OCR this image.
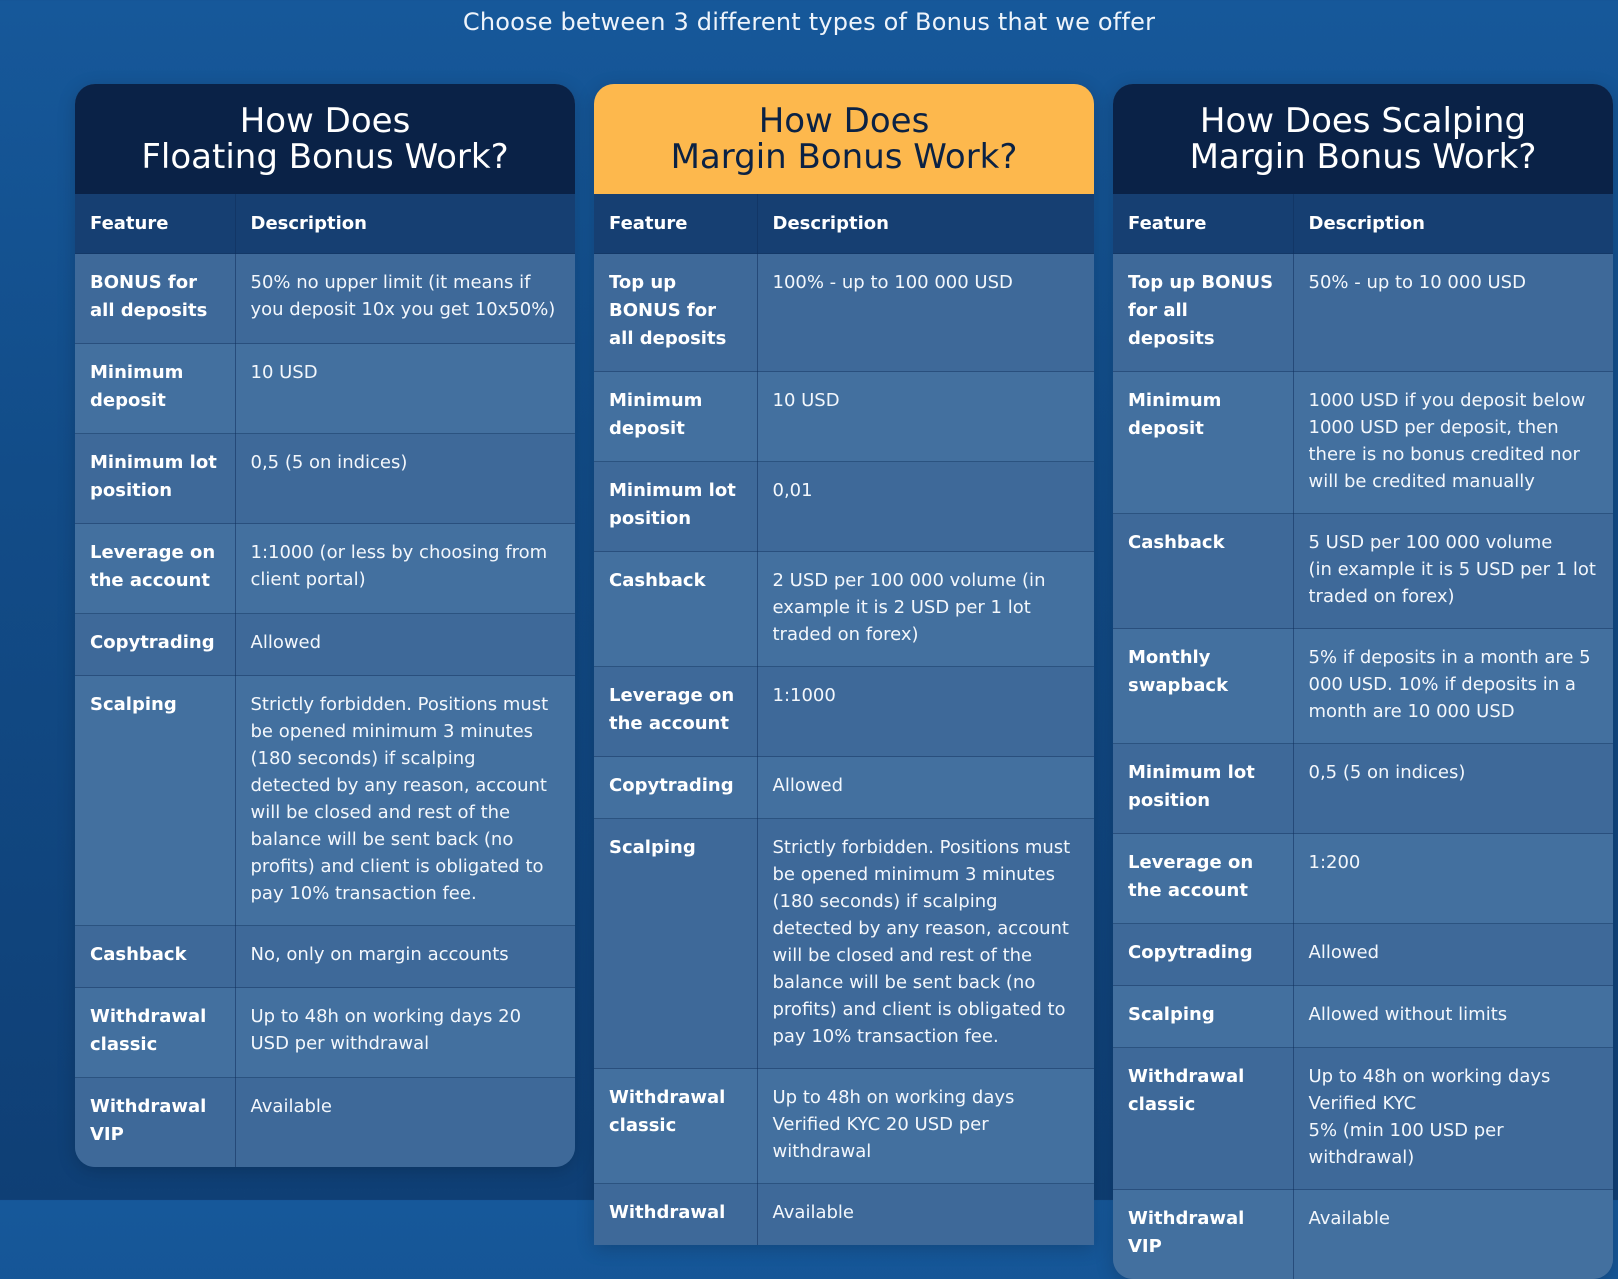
Choose between 3 different types of Bonus that we offer
How Does
Floating Bonus Work?
Feature	Description
BONUS for all deposits	50% no upper limit (it means if you deposit 10x you get 10x50%)
Minimum deposit	10 USD
Minimum lot position	0,5 (5 on indices)
Leverage on the account	1:1000 (or less by choosing from client portal)
Copytrading	Allowed
Scalping	Strictly forbidden. Positions must be opened minimum 3 minutes (180 seconds) if scalping detected by any reason, account will be closed and rest of the balance will be sent back (no profits) and client is obligated to pay 10% transaction fee.
Cashback	No, only on margin accounts
Withdrawal classic	Up to 48h on working days 20 USD per withdrawal
Withdrawal VIP	Available
How Does
Margin Bonus Work?
Feature	Description
Top up BONUS for all deposits	100% - up to 100 000 USD
Minimum deposit	10 USD
Minimum lot position	0,01
Cashback	2 USD per 100 000 volume (in example it is 2 USD per 1 lot traded on forex)
Leverage on the account	1:1000
Copytrading	Allowed
Scalping	Strictly forbidden. Positions must be opened minimum 3 minutes (180 seconds) if scalping detected by any reason, account will be closed and rest of the balance will be sent back (no profits) and client is obligated to pay 10% transaction fee.
Withdrawal classic	Up to 48h on working days Verified KYC 20 USD per withdrawal
Withdrawal	Available
How Does Scalping
Margin Bonus Work?
Feature	Description
Top up BONUS for all deposits	50% - up to 10 000 USD
Minimum deposit	1000 USD if you deposit below 1000 USD per deposit, then there is no bonus credited nor will be credited manually
Cashback	5 USD per 100 000 volume
(in example it is 5 USD per 1 lot traded on forex)
Monthly swapback	5% if deposits in a month are 5 000 USD. 10% if deposits in a month are 10 000 USD
Minimum lot position	0,5 (5 on indices)
Leverage on the account	1:200
Copytrading	Allowed
Scalping	Allowed without limits
Withdrawal classic	Up to 48h on working days
Verified KYC
5% (min 100 USD per withdrawal)
Withdrawal VIP	Available
